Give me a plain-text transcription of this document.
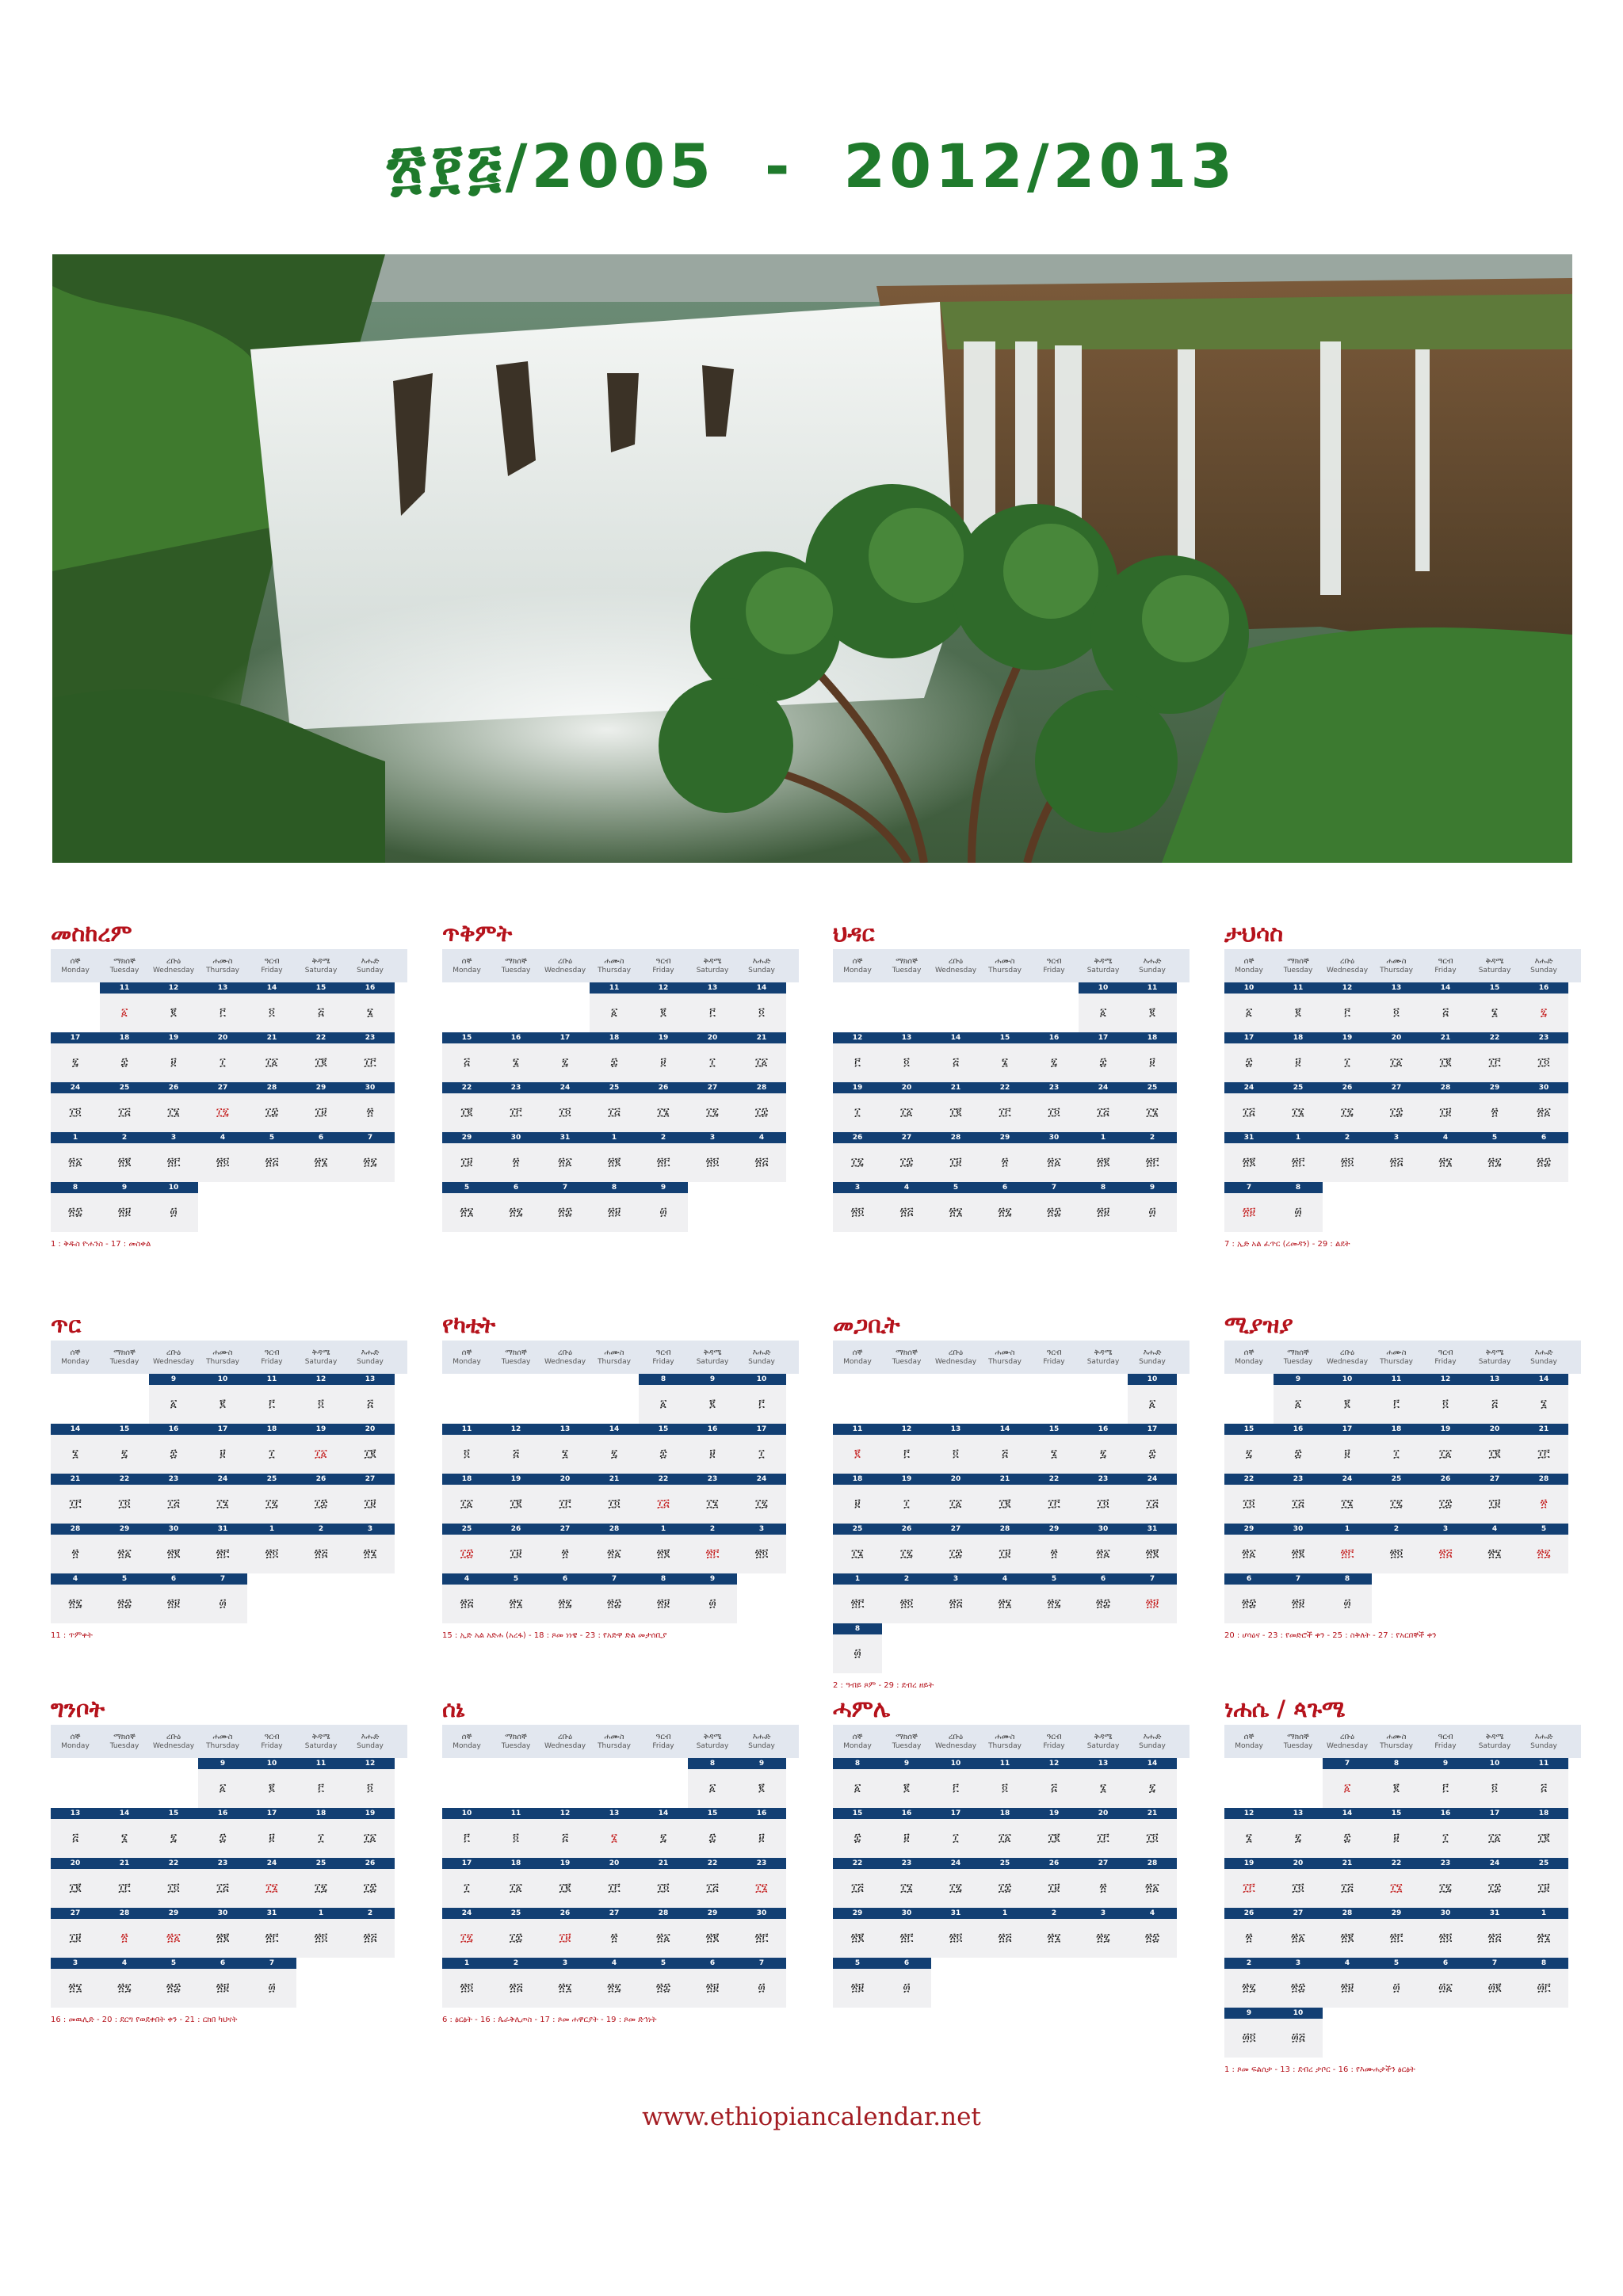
፳፻፭/2005  -  2012/2013
መስከረም
ሰኞ
Monday
ማክሰኞ
Tuesday
ረቡዕ
Wednesday
ሐሙስ
Thursday
ዓርብ
Friday
ቅዳሜ
Saturday
እሑድ
Sunday
11
፩
12
፪
13
፫
14
፬
15
፭
16
፮
17
፯
18
፰
19
፱
20
፲
21
፲፩
22
፲፪
23
፲፫
24
፲፬
25
፲፭
26
፲፮
27
፲፯
28
፲፰
29
፲፱
30
፳
1
፳፩
2
፳፪
3
፳፫
4
፳፬
5
፳፭
6
፳፮
7
፳፯
8
፳፰
9
፳፱
10
፴
1 : ቅዱስ ዮሐንስ - 17 : መስቀል
ጥቅምት
ሰኞ
Monday
ማክሰኞ
Tuesday
ረቡዕ
Wednesday
ሐሙስ
Thursday
ዓርብ
Friday
ቅዳሜ
Saturday
እሑድ
Sunday
11
፩
12
፪
13
፫
14
፬
15
፭
16
፮
17
፯
18
፰
19
፱
20
፲
21
፲፩
22
፲፪
23
፲፫
24
፲፬
25
፲፭
26
፲፮
27
፲፯
28
፲፰
29
፲፱
30
፳
31
፳፩
1
፳፪
2
፳፫
3
፳፬
4
፳፭
5
፳፮
6
፳፯
7
፳፰
8
፳፱
9
፴
ህዳር
ሰኞ
Monday
ማክሰኞ
Tuesday
ረቡዕ
Wednesday
ሐሙስ
Thursday
ዓርብ
Friday
ቅዳሜ
Saturday
እሑድ
Sunday
10
፩
11
፪
12
፫
13
፬
14
፭
15
፮
16
፯
17
፰
18
፱
19
፲
20
፲፩
21
፲፪
22
፲፫
23
፲፬
24
፲፭
25
፲፮
26
፲፯
27
፲፰
28
፲፱
29
፳
30
፳፩
1
፳፪
2
፳፫
3
፳፬
4
፳፭
5
፳፮
6
፳፯
7
፳፰
8
፳፱
9
፴
ታህሳስ
ሰኞ
Monday
ማክሰኞ
Tuesday
ረቡዕ
Wednesday
ሐሙስ
Thursday
ዓርብ
Friday
ቅዳሜ
Saturday
እሑድ
Sunday
10
፩
11
፪
12
፫
13
፬
14
፭
15
፮
16
፯
17
፰
18
፱
19
፲
20
፲፩
21
፲፪
22
፲፫
23
፲፬
24
፲፭
25
፲፮
26
፲፯
27
፲፰
28
፲፱
29
፳
30
፳፩
31
፳፪
1
፳፫
2
፳፬
3
፳፭
4
፳፮
5
፳፯
6
፳፰
7
፳፱
8
፴
7 : ኢድ አል ፈጥር (ረመዳን) - 29 : ልደት
ጥር
ሰኞ
Monday
ማክሰኞ
Tuesday
ረቡዕ
Wednesday
ሐሙስ
Thursday
ዓርብ
Friday
ቅዳሜ
Saturday
እሑድ
Sunday
9
፩
10
፪
11
፫
12
፬
13
፭
14
፮
15
፯
16
፰
17
፱
18
፲
19
፲፩
20
፲፪
21
፲፫
22
፲፬
23
፲፭
24
፲፮
25
፲፯
26
፲፰
27
፲፱
28
፳
29
፳፩
30
፳፪
31
፳፫
1
፳፬
2
፳፭
3
፳፮
4
፳፯
5
፳፰
6
፳፱
7
፴
11 : ጥምቀት
የካቲት
ሰኞ
Monday
ማክሰኞ
Tuesday
ረቡዕ
Wednesday
ሐሙስ
Thursday
ዓርብ
Friday
ቅዳሜ
Saturday
እሑድ
Sunday
8
፩
9
፪
10
፫
11
፬
12
፭
13
፮
14
፯
15
፰
16
፱
17
፲
18
፲፩
19
፲፪
20
፲፫
21
፲፬
22
፲፭
23
፲፮
24
፲፯
25
፲፰
26
፲፱
27
፳
28
፳፩
1
፳፪
2
፳፫
3
፳፬
4
፳፭
5
፳፮
6
፳፯
7
፳፰
8
፳፱
9
፴
15 : ኢድ አል አድሐ (አረፋ) - 18 : ጾመ ነነዌ - 23 : የአድዋ ድል መታሰቢያ
መጋቢት
ሰኞ
Monday
ማክሰኞ
Tuesday
ረቡዕ
Wednesday
ሐሙስ
Thursday
ዓርብ
Friday
ቅዳሜ
Saturday
እሑድ
Sunday
10
፩
11
፪
12
፫
13
፬
14
፭
15
፮
16
፯
17
፰
18
፱
19
፲
20
፲፩
21
፲፪
22
፲፫
23
፲፬
24
፲፭
25
፲፮
26
፲፯
27
፲፰
28
፲፱
29
፳
30
፳፩
31
፳፪
1
፳፫
2
፳፬
3
፳፭
4
፳፮
5
፳፯
6
፳፰
7
፳፱
8
፴
2 : ዓብይ ጾም - 29 : ደብረ ዘይት
ሚያዝያ
ሰኞ
Monday
ማክሰኞ
Tuesday
ረቡዕ
Wednesday
ሐሙስ
Thursday
ዓርብ
Friday
ቅዳሜ
Saturday
እሑድ
Sunday
9
፩
10
፪
11
፫
12
፬
13
፭
14
፮
15
፯
16
፰
17
፱
18
፲
19
፲፩
20
፲፪
21
፲፫
22
፲፬
23
፲፭
24
፲፮
25
፲፯
26
፲፰
27
፲፱
28
፳
29
፳፩
30
፳፪
1
፳፫
2
፳፬
3
፳፭
4
፳፮
5
፳፯
6
፳፰
7
፳፱
8
፴
20 : ሆሳዕና - 23 : የመድሮች ቀን - 25 : ስቅለት - 27 : የአርበኞች ቀን
ግንቦት
ሰኞ
Monday
ማክሰኞ
Tuesday
ረቡዕ
Wednesday
ሐሙስ
Thursday
ዓርብ
Friday
ቅዳሜ
Saturday
እሑድ
Sunday
9
፩
10
፪
11
፫
12
፬
13
፭
14
፮
15
፯
16
፰
17
፱
18
፲
19
፲፩
20
፲፪
21
፲፫
22
፲፬
23
፲፭
24
፲፮
25
፲፯
26
፲፰
27
፲፱
28
፳
29
፳፩
30
፳፪
31
፳፫
1
፳፬
2
፳፭
3
፳፮
4
፳፯
5
፳፰
6
፳፱
7
፴
16 : መዉሊድ - 20 : ደርግ የወደቀበት ቀን - 21 : ርክበ ካህናት
ሰኔ
ሰኞ
Monday
ማክሰኞ
Tuesday
ረቡዕ
Wednesday
ሐሙስ
Thursday
ዓርብ
Friday
ቅዳሜ
Saturday
እሑድ
Sunday
8
፩
9
፪
10
፫
11
፬
12
፭
13
፮
14
፯
15
፰
16
፱
17
፲
18
፲፩
19
፲፪
20
፲፫
21
፲፬
22
፲፭
23
፲፮
24
፲፯
25
፲፰
26
፲፱
27
፳
28
፳፩
29
፳፪
30
፳፫
1
፳፬
2
፳፭
3
፳፮
4
፳፯
5
፳፰
6
፳፱
7
፴
6 : ፅርፅት - 16 : ጴራቅሊጦስ - 17 : ጾመ ሐዋርያት - 19 : ጾመ ድኅነት
ሓምሌ
ሰኞ
Monday
ማክሰኞ
Tuesday
ረቡዕ
Wednesday
ሐሙስ
Thursday
ዓርብ
Friday
ቅዳሜ
Saturday
እሑድ
Sunday
8
፩
9
፪
10
፫
11
፬
12
፭
13
፮
14
፯
15
፰
16
፱
17
፲
18
፲፩
19
፲፪
20
፲፫
21
፲፬
22
፲፭
23
፲፮
24
፲፯
25
፲፰
26
፲፱
27
፳
28
፳፩
29
፳፪
30
፳፫
31
፳፬
1
፳፭
2
፳፮
3
፳፯
4
፳፰
5
፳፱
6
፴
ነሐሴ / ጳጉሜ
ሰኞ
Monday
ማክሰኞ
Tuesday
ረቡዕ
Wednesday
ሐሙስ
Thursday
ዓርብ
Friday
ቅዳሜ
Saturday
እሑድ
Sunday
7
፩
8
፪
9
፫
10
፬
11
፭
12
፮
13
፯
14
፰
15
፱
16
፲
17
፲፩
18
፲፪
19
፲፫
20
፲፬
21
፲፭
22
፲፮
23
፲፯
24
፲፰
25
፲፱
26
፳
27
፳፩
28
፳፪
29
፳፫
30
፳፬
31
፳፭
1
፳፮
2
፳፯
3
፳፰
4
፳፱
5
፴
6
፴፩
7
፴፪
8
፴፫
9
፴፬
10
፴፭
1 : ጾመ ፍልሰታ - 13 : ደብረ ታቦር - 16 : የእሙሐታችን ፅርፅት
www.ethiopiancalendar.net
